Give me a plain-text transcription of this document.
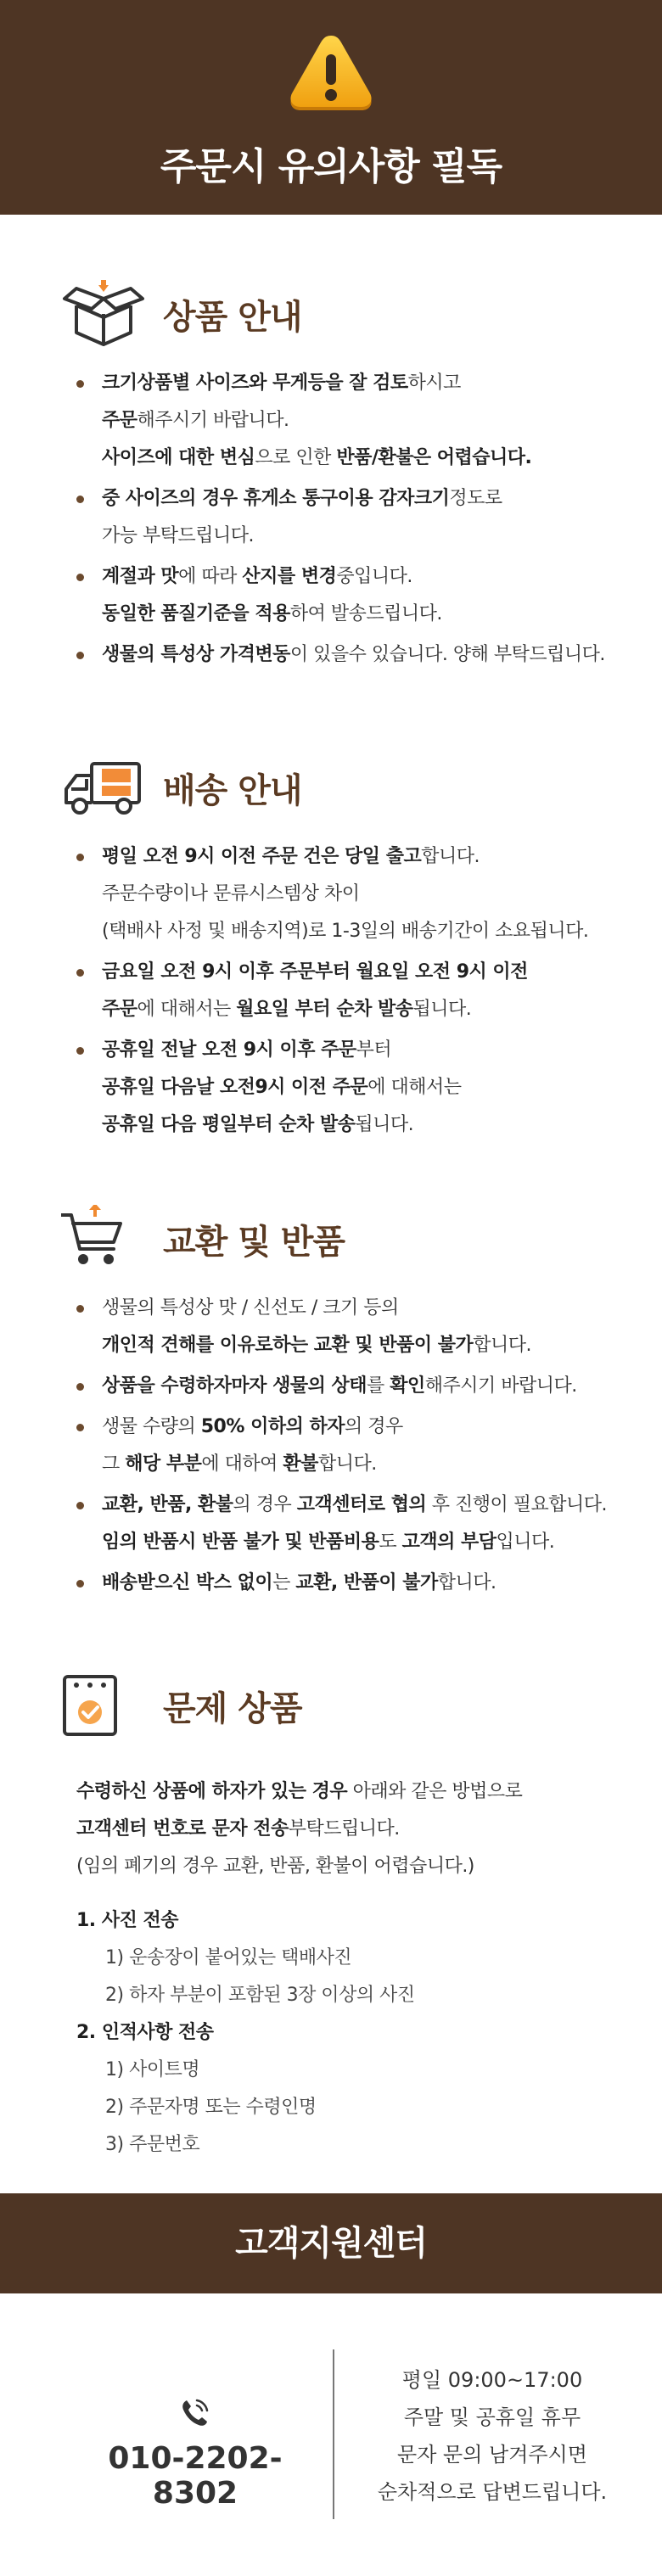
주문시 유의사항 필독
상품 안내
크기상품별 사이즈와 무게등을 잘 검토하시고
주문해주시기 바랍니다.
사이즈에 대한 변심으로 인한 반품/환불은 어렵습니다.
중 사이즈의 경우 휴게소 통구이용 감자크기정도로
가능 부탁드립니다.
계절과 맛에 따라 산지를 변경중입니다.
동일한 품질기준을 적용하여 발송드립니다.
생물의 특성상 가격변동이 있을수 있습니다. 양해 부탁드립니다.
배송 안내
평일 오전 9시 이전 주문 건은 당일 출고합니다.
주문수량이나 문류시스템상 차이
(택배사 사정 및 배송지역)로 1-3일의 배송기간이 소요됩니다.
금요일 오전 9시 이후 주문부터 월요일 오전 9시 이전
주문에 대해서는 월요일 부터 순차 발송됩니다.
공휴일 전날 오전 9시 이후 주문부터
공휴일 다음날 오전9시 이전 주문에 대해서는
공휴일 다음 평일부터 순차 발송됩니다.
교환 및 반품
생물의 특성상 맛 / 신선도 / 크기 등의
개인적 견해를 이유로하는 교환 및 반품이 불가합니다.
상품을 수령하자마자 생물의 상태를 확인해주시기 바랍니다.
생물 수량의 50% 이하의 하자의 경우
그 해당 부분에 대하여 환불합니다.
교환, 반품, 환불의 경우 고객센터로 협의 후 진행이 필요합니다.
임의 반품시 반품 불가 및 반품비용도 고객의 부담입니다.
배송받으신 박스 없이는 교환, 반품이 불가합니다.
문제 상품
수령하신 상품에 하자가 있는 경우 아래와 같은 방법으로
고객센터 번호로 문자 전송부탁드립니다.
(임의 폐기의 경우 교환, 반품, 환불이 어렵습니다.)
1. 사진 전송
1) 운송장이 붙어있는 택배사진
2) 하자 부분이 포함된 3장 이상의 사진
2. 인적사항 전송
1) 사이트명
2) 주문자명 또는 수령인명
3) 주문번호
고객지원센터
010-2202-8302
평일 09:00~17:00
주말 및 공휴일 휴무
문자 문의 남겨주시면
순차적으로 답변드립니다.
